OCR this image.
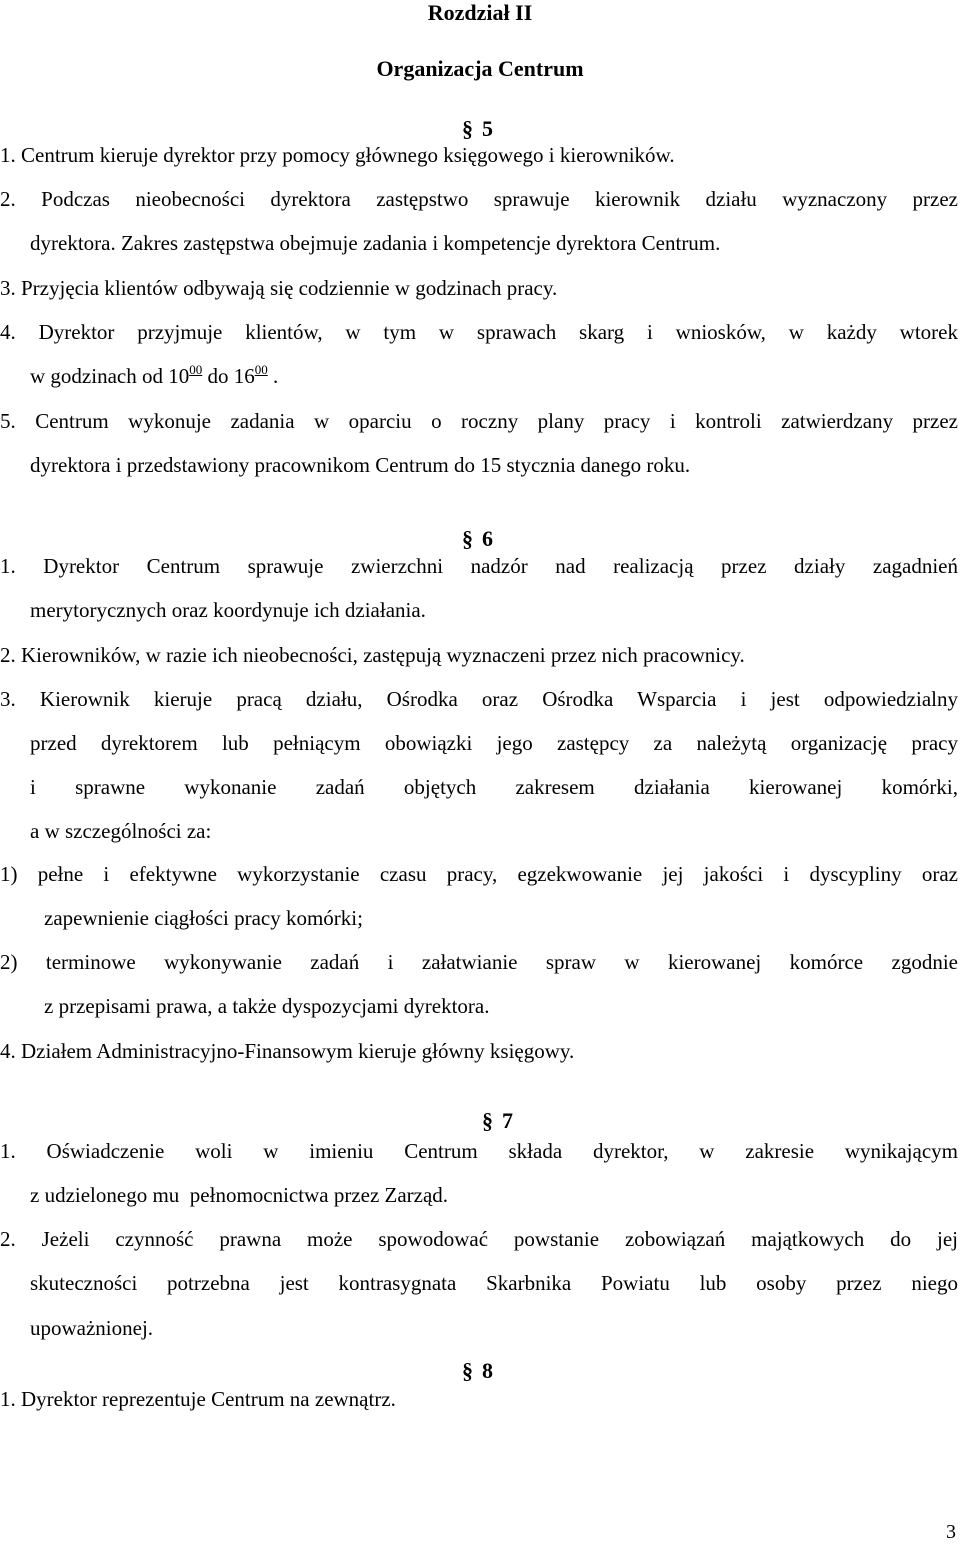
Rozdział II
Organizacja Centrum
§ 5
1. Centrum kieruje dyrektor przy pomocy głównego księgowego i kierowników.
2. Podczas nieobecności dyrektora zastępstwo sprawuje kierownik działu wyznaczony przez
dyrektora. Zakres zastępstwa obejmuje zadania i kompetencje dyrektora Centrum.
3. Przyjęcia klientów odbywają się codziennie w godzinach pracy.
4. Dyrektor przyjmuje klientów, w tym w sprawach skarg i wniosków, w każdy wtorek
w godzinach od $10^{00}$ do $16^{00}$ .
5. Centrum wykonuje zadania w oparciu o roczny plany pracy i kontroli zatwierdzany przez
dyrektora i przedstawiony pracownikom Centrum do 15 stycznia danego roku.
§ 6
1. Dyrektor Centrum sprawuje zwierzchni nadzór nad realizacją przez działy zagadnień
merytorycznych oraz koordynuje ich działania.
2. Kierowników, w razie ich nieobecności, zastępują wyznaczeni przez nich pracownicy.
3. Kierownik kieruje pracą działu, Ośrodka oraz Ośrodka Wsparcia i jest odpowiedzialny
przed dyrektorem lub pełniącym obowiązki jego zastępcy za należytą organizację pracy
i sprawne wykonanie zadań objętych zakresem działania kierowanej komórki,
a w szczególności za:
1) pełne i efektywne wykorzystanie czasu pracy, egzekwowanie jej jakości i dyscypliny oraz
zapewnienie ciągłości pracy komórki;
2) terminowe wykonywanie zadań i załatwianie spraw w kierowanej komórce zgodnie
z przepisami prawa, a także dyspozycjami dyrektora.
4. Działem Administracyjno-Finansowym kieruje główny księgowy.
§ 7
1. Oświadczenie woli w imieniu Centrum składa dyrektor, w zakresie wynikającym
z udzielonego mu  pełnomocnictwa przez Zarząd.
2. Jeżeli czynność prawna może spowodować powstanie zobowiązań majątkowych do jej
skuteczności potrzebna jest kontrasygnata Skarbnika Powiatu lub osoby przez niego
upoważnionej.
§ 8
1. Dyrektor reprezentuje Centrum na zewnątrz.
3
